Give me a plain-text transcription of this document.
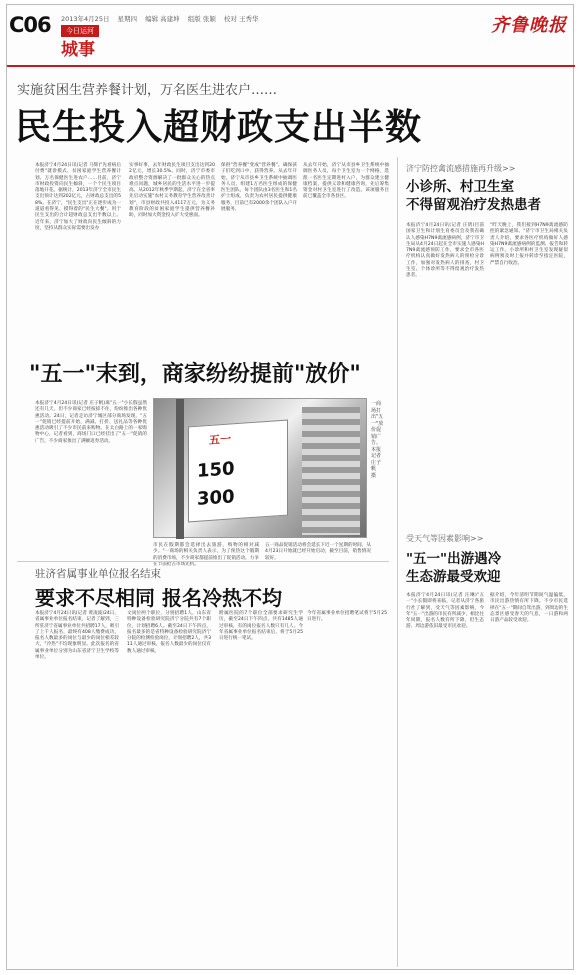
C06 2013年4月25日 星期四 编辑 高建坤 组版 张颖 校对 王秀华
今日运河
城事
齐鲁晚报
实施贫困生营养餐计划，万名医生进农户……
民生投入超财政支出半数
本报济宁4月24日讯(记者 马辉)"先看病后付费"就诊模式、贫困家庭学生营养餐计划、万名保健医生进农户……目前，济宁市财政投资向民生倾斜，一个个民生项目落地开花。据统计，2013年济宁全市民生支出预计达到202亿元，占财政总支出的58%。在济宁，"民生支出"正在逐步成为一道道看得见、摸得着的"民生大餐"。用于民生支出的合计超财政总支出半数以上。近年来，济宁加大了财政向民生倾斜的力度，坚持从群众实际需要出发办
实事好事，去年财政民生项目支出达到202亿元，增长30.5%。同时，济宁市委市政府整合资源解决了一批群众关心的热点难点问题，城乡居民的生活水平进一步提高。从2012年秋季学期起，济宁在全省率先启动实施"农村义务教育学生营养改善计划"，市县财政共投入4117万元，为义务教育阶段的贫困家庭学生提供营养餐补助，同时加大资金投入扩大受惠面。
保供"营养餐"变成"营养餐"。确保孩子们吃到口中、获得营养。从去年开始，济宁从市县乡卫生系统中抽调医务人员，组建1万名医生组成的保健医生团队，每个团队由3名医生和1名护士组成，负责为农村居民提供健康服务，目前已有2000余个团队入户开展服务。
从去年开始，济宁从市县乡卫生系统中抽调医务人员，每个卫生室为一个网格，选派一名医生定期进村入户，为群众建立健康档案，提供义诊和健康咨询，先后筹集资金对村卫生室进行了改造。该项服务目前已覆盖全市各县区。
济宁防控禽流感措施再升级>>
小诊所、村卫生室
不得留观治疗发热患者
本报济宁4月24日讯(记者 庄倩)目前国家卫生和计划生育委员会及我省确认人感染H7N9禽流感病例，济宁市卫生局从4月24日起在全市实施人感染H7N9禽流感预防工作，要求全市各医疗机构认真做好发热病人的预检分诊工作，加强对发热病人的排查，村卫生室、个体诊所等不得留观治疗发热患者。
"昨天晚上，我们接到H7N9禽流感防控的紧急通知。"济宁市卫生局相关负责人介绍，要求各医疗机构做好人感染H7N9禽流感病例的监测、报告和转运工作。小诊所和村卫生室发现疑似病例须及时上报并转诊至指定医院，严禁自行收治。
受天气等因素影响>>
"五一"出游遇冷
生态游最受欢迎
本报济宁4月24日讯(记者 汪琳)"五一"小长假即将来临，记者从济宁各旅行社了解到，受天气等因素影响，今年"五一"出游的市民有所减少，相比往年同期，报名人数有所下降，但生态游、周边游依旧最受市民欢迎。
据介绍，今年清明节期间气温偏低，市民出游热情有所下降。不少市民选择在"五一"期间自驾出游，到周边的生态景区感受春天的气息，一日游和两日游产品较受欢迎。
"五一"末到，商家纷纷提前"放价"
本报济宁4月24日讯(记者 庄子帆)离"五一"小长假虽然还有几天，但不少商家已经按捺不住，纷纷推出各种优惠活动。24日，记者走访济宁城区部分商场发现，"五一"促销已经提前开始，满减、打折、送礼品等各种优惠活动吸引了不少市民前来购物。在太白路上的一家购物中心，记者看到，商场门口已经挂出了"五一"促销的广告，不少商家推出了满额返券活动。	五一
150
300
一商场打出"五一"放价促销广告。本报记者 庄子帆 摄
市民在假期都会选择出去旅游，购物的相对减少。"一商场的相关负责人表示，为了预热这个假期的消费市场，不少商家都提前推出了促销活动，力争在节前抢占市场先机。
五一商品促销活动将会延长下近一个星期的时间，从4月23日开始就已经开始启动，截至目前，销售情况较好。
驻济省属事业单位报名结束
要求不尽相同 报名冷热不均
本报济宁4月24日讯(记者 黄凌波)24日，省属事业单位报名结束，记者了解到，三所驻济宁省属事业单位共招聘17人，吸引了上千人报名，最终有408人缴费成功，报名人数最多的岗位与最少的岗位相差较大，"冷热"不均现象明显。此次报名的省属事业单位分别为山东省济宁卫生学校等单位。
文岗位两个职位，分别招聘1人，山东省特种设备检验研究院济宁分院共有7个职位，计划招聘6人。截至24日下午四点，报名最多的是省特种设备检验研究院济宁分院的检测检验岗位，计划招聘2人，共311人通过审核，报名人数最少的岗位仅有数人通过审核。
附属医院的7个职位全部要求研究生学历，截至24日下午四点，共有1485人通过审核，有的岗位报名人数只有几人。今年省属事业单位报名结束后，将于5月25日进行统一笔试。
今年省属事业单位招聘笔试将于5月25日进行。
